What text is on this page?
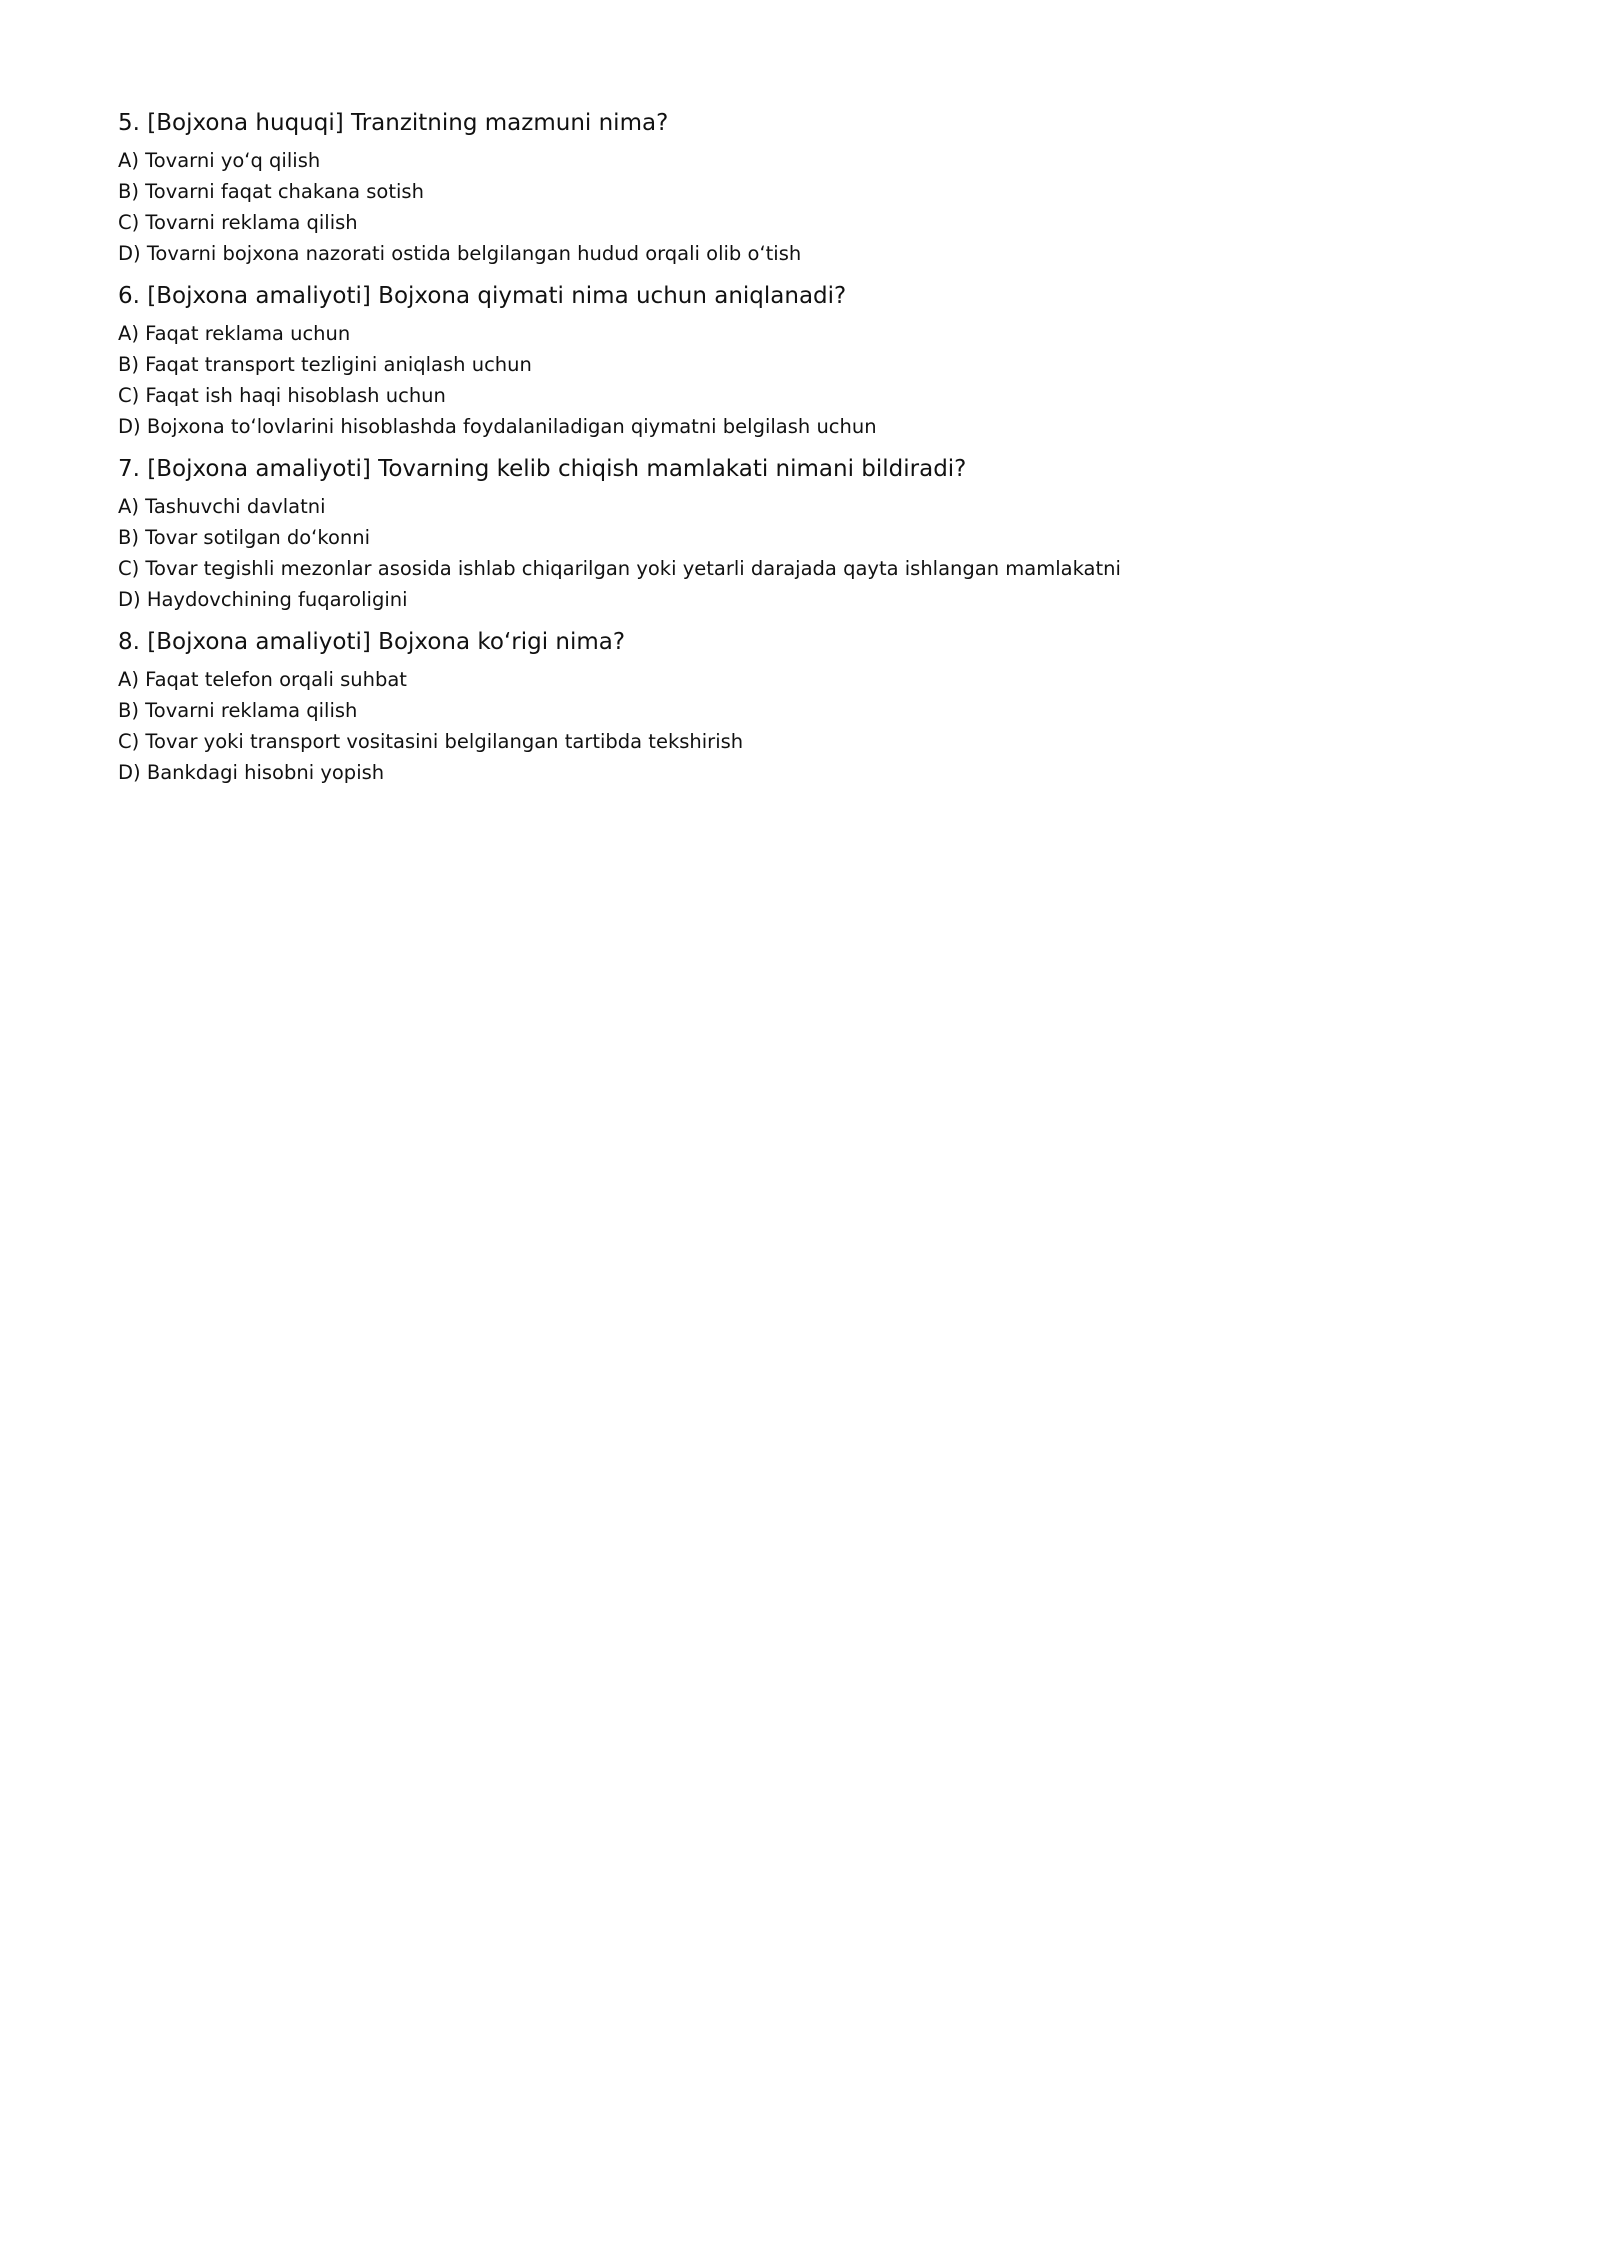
5. [Bojxona huquqi] Tranzitning mazmuni nima?
A) Tovarni yo‘q qilish
B) Tovarni faqat chakana sotish
C) Tovarni reklama qilish
D) Tovarni bojxona nazorati ostida belgilangan hudud orqali olib o‘tish
6. [Bojxona amaliyoti] Bojxona qiymati nima uchun aniqlanadi?
A) Faqat reklama uchun
B) Faqat transport tezligini aniqlash uchun
C) Faqat ish haqi hisoblash uchun
D) Bojxona to‘lovlarini hisoblashda foydalaniladigan qiymatni belgilash uchun
7. [Bojxona amaliyoti] Tovarning kelib chiqish mamlakati nimani bildiradi?
A) Tashuvchi davlatni
B) Tovar sotilgan do‘konni
C) Tovar tegishli mezonlar asosida ishlab chiqarilgan yoki yetarli darajada qayta ishlangan mamlakatni
D) Haydovchining fuqaroligini
8. [Bojxona amaliyoti] Bojxona ko‘rigi nima?
A) Faqat telefon orqali suhbat
B) Tovarni reklama qilish
C) Tovar yoki transport vositasini belgilangan tartibda tekshirish
D) Bankdagi hisobni yopish
